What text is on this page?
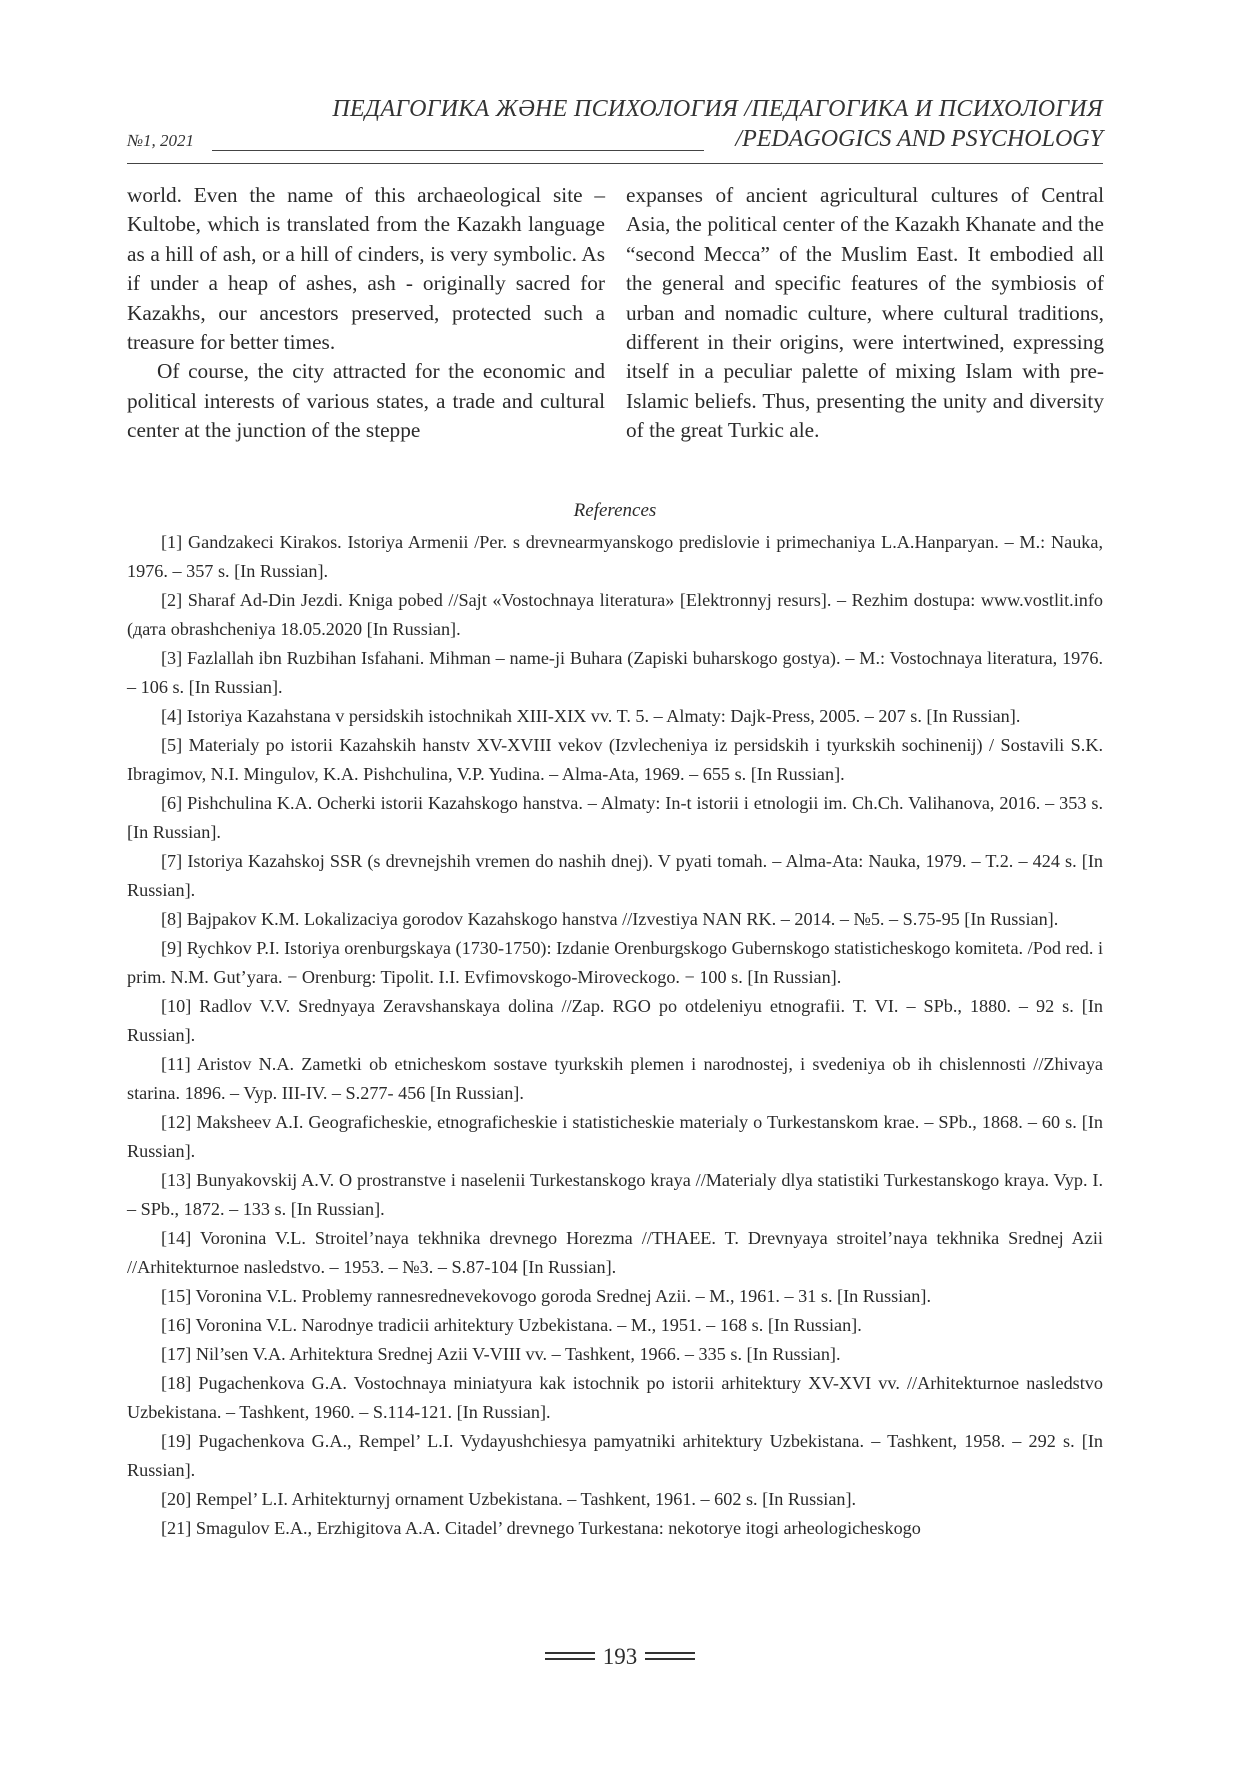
ПЕДАГОГИКА ЖӘНЕ ПСИХОЛОГИЯ /ПЕДАГОГИКА И ПСИХОЛОГИЯ
№1, 2021	/PEDAGOGICS AND PSYCHOLOGY

world. Even the name of this archaeological site – Kultobe, which is translated from the Kazakh language as a hill of ash, or a hill of cinders, is very symbolic. As if under a heap of ashes, ash - originally sacred for Kazakhs, our ancestors preserved, protected such a treasure for better times.

Of course, the city attracted for the economic and political interests of various states, a trade and cultural center at the junction of the steppe

expanses of ancient agricultural cultures of Central Asia, the political center of the Kazakh Khanate and the “second Mecca” of the Muslim East. It embodied all the general and specific features of the symbiosis of urban and nomadic culture, where cultural traditions, different in their origins, were intertwined, expressing itself in a peculiar palette of mixing Islam with pre-Islamic beliefs. Thus, presenting the unity and diversity of the great Turkic ale.

References

[1] Gandzakeci Kirakos. Istoriya Armenii /Per. s drevnearmyanskogo predislovie i primechaniya L.A.Hanparyan. – M.: Nauka, 1976. – 357 s. [In Russian].

[2] Sharaf Ad-Din Jezdi. Kniga pobed //Sajt «Vostochnaya literatura» [Elektronnyj resurs]. – Rezhim dostupa: www.vostlit.info (дата obrashcheniya 18.05.2020 [In Russian].

[3] Fazlallah ibn Ruzbihan Isfahani. Mihman – name-ji Buhara (Zapiski buharskogo gostya). – M.: Vostochnaya literatura, 1976. – 106 s. [In Russian].

[4] Istoriya Kazahstana v persidskih istochnikah XIII-XIX vv. T. 5. – Almaty: Dajk-Press, 2005. – 207 s. [In Russian].

[5] Materialy po istorii Kazahskih hanstv XV-XVIII vekov (Izvlecheniya iz persidskih i tyurkskih sochinenij) / Sostavili S.K. Ibragimov, N.I. Mingulov, K.A. Pishchulina, V.P. Yudina. – Alma-Ata, 1969. – 655 s. [In Russian].

[6] Pishchulina K.A. Ocherki istorii Kazahskogo hanstva. – Almaty: In-t istorii i etnologii im. Ch.Ch. Valihanova, 2016. – 353 s. [In Russian].

[7] Istoriya Kazahskoj SSR (s drevnejshih vremen do nashih dnej). V pyati tomah. – Alma-Ata: Nauka, 1979. – T.2. – 424 s. [In Russian].

[8] Bajpakov K.M. Lokalizaciya gorodov Kazahskogo hanstva //Izvestiya NAN RK. – 2014. – №5. – S.75-95 [In Russian].

[9] Rychkov P.I. Istoriya orenburgskaya (1730-1750): Izdanie Orenburgskogo Gubernskogo statisticheskogo komiteta. /Pod red. i prim. N.M. Gut’yara. − Orenburg: Tipolit. I.I. Evfimovskogo-Miroveckogo. − 100 s. [In Russian].

[10] Radlov V.V. Srednyaya Zeravshanskaya dolina //Zap. RGO po otdeleniyu etnografii. T. VI. – SPb., 1880. – 92 s. [In Russian].

[11] Aristov N.A. Zametki ob etnicheskom sostave tyurkskih plemen i narodnostej, i svedeniya ob ih chislennosti //Zhivaya starina. 1896. – Vyp. III-IV. – S.277- 456 [In Russian].

[12] Maksheev A.I. Geograficheskie, etnograficheskie i statisticheskie materialy o Turkestanskom krae. – SPb., 1868. – 60 s. [In Russian].

[13] Bunyakovskij A.V. O prostranstve i naselenii Turkestanskogo kraya //Materialy dlya statistiki Turkestanskogo kraya. Vyp. I. – SPb., 1872. – 133 s. [In Russian].

[14] Voronina V.L. Stroitel’naya tekhnika drevnego Horezma //THAEE. T. Drevnyaya stroitel’naya tekhnika Srednej Azii //Arhitekturnoe nasledstvo. – 1953. – №3. – S.87-104 [In Russian].

[15] Voronina V.L. Problemy rannesrednevekovogo goroda Srednej Azii. – M., 1961. – 31 s. [In Russian].

[16] Voronina V.L. Narodnye tradicii arhitektury Uzbekistana. – M., 1951. – 168 s. [In Russian].

[17] Nil’sen V.A. Arhitektura Srednej Azii V-VIII vv. – Tashkent, 1966. – 335 s. [In Russian].

[18] Pugachenkova G.A. Vostochnaya miniatyura kak istochnik po istorii arhitektury XV-XVI vv. //Arhitekturnoe nasledstvo Uzbekistana. – Tashkent, 1960. – S.114-121. [In Russian].

[19] Pugachenkova G.A., Rempel’ L.I. Vydayushchiesya pamyatniki arhitektury Uzbekistana. – Tashkent, 1958. – 292 s. [In Russian].

[20] Rempel’ L.I. Arhitekturnyj ornament Uzbekistana. – Tashkent, 1961. – 602 s. [In Russian].

[21] Smagulov E.A., Erzhigitova A.A. Citadel’ drevnego Turkestana: nekotorye itogi arheologicheskogo

193
